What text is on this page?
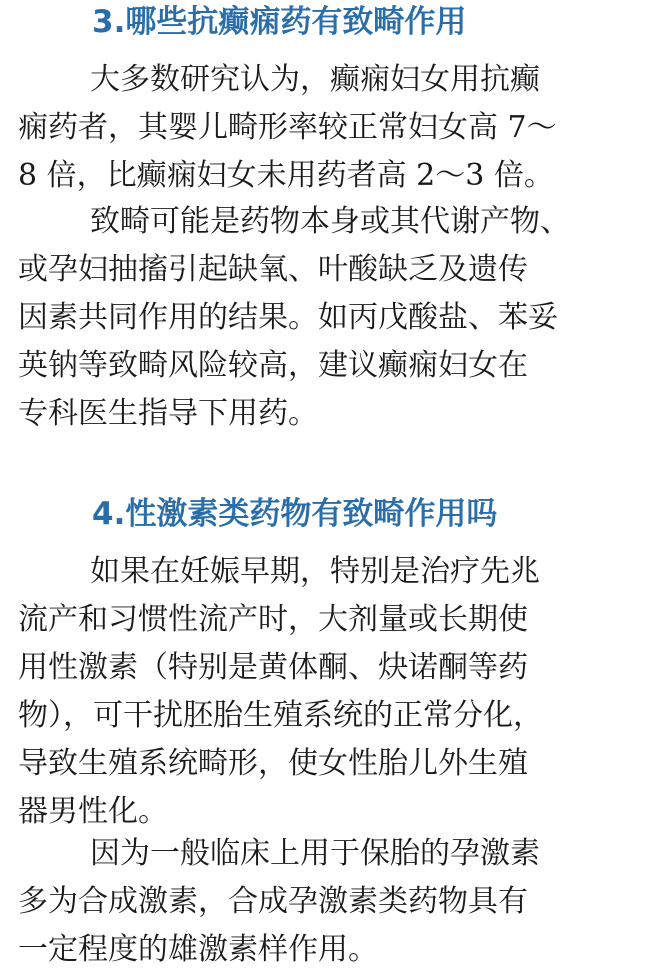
3.哪些抗癫痫药有致畸作用
大多数研究认为，癫痫妇女用抗癫
痫药者，其婴儿畸形率较正常妇女高 7～
8 倍，比癫痫妇女未用药者高 2～3 倍。
致畸可能是药物本身或其代谢产物、
或孕妇抽搐引起缺氧、叶酸缺乏及遗传
因素共同作用的结果。如丙戊酸盐、苯妥
英钠等致畸风险较高，建议癫痫妇女在
专科医生指导下用药。
4.性激素类药物有致畸作用吗
如果在妊娠早期，特别是治疗先兆
流产和习惯性流产时，大剂量或长期使
用性激素（特别是黄体酮、炔诺酮等药
物），可干扰胚胎生殖系统的正常分化，
导致生殖系统畸形，使女性胎儿外生殖
器男性化。
因为一般临床上用于保胎的孕激素
多为合成激素，合成孕激素类药物具有
一定程度的雄激素样作用。
